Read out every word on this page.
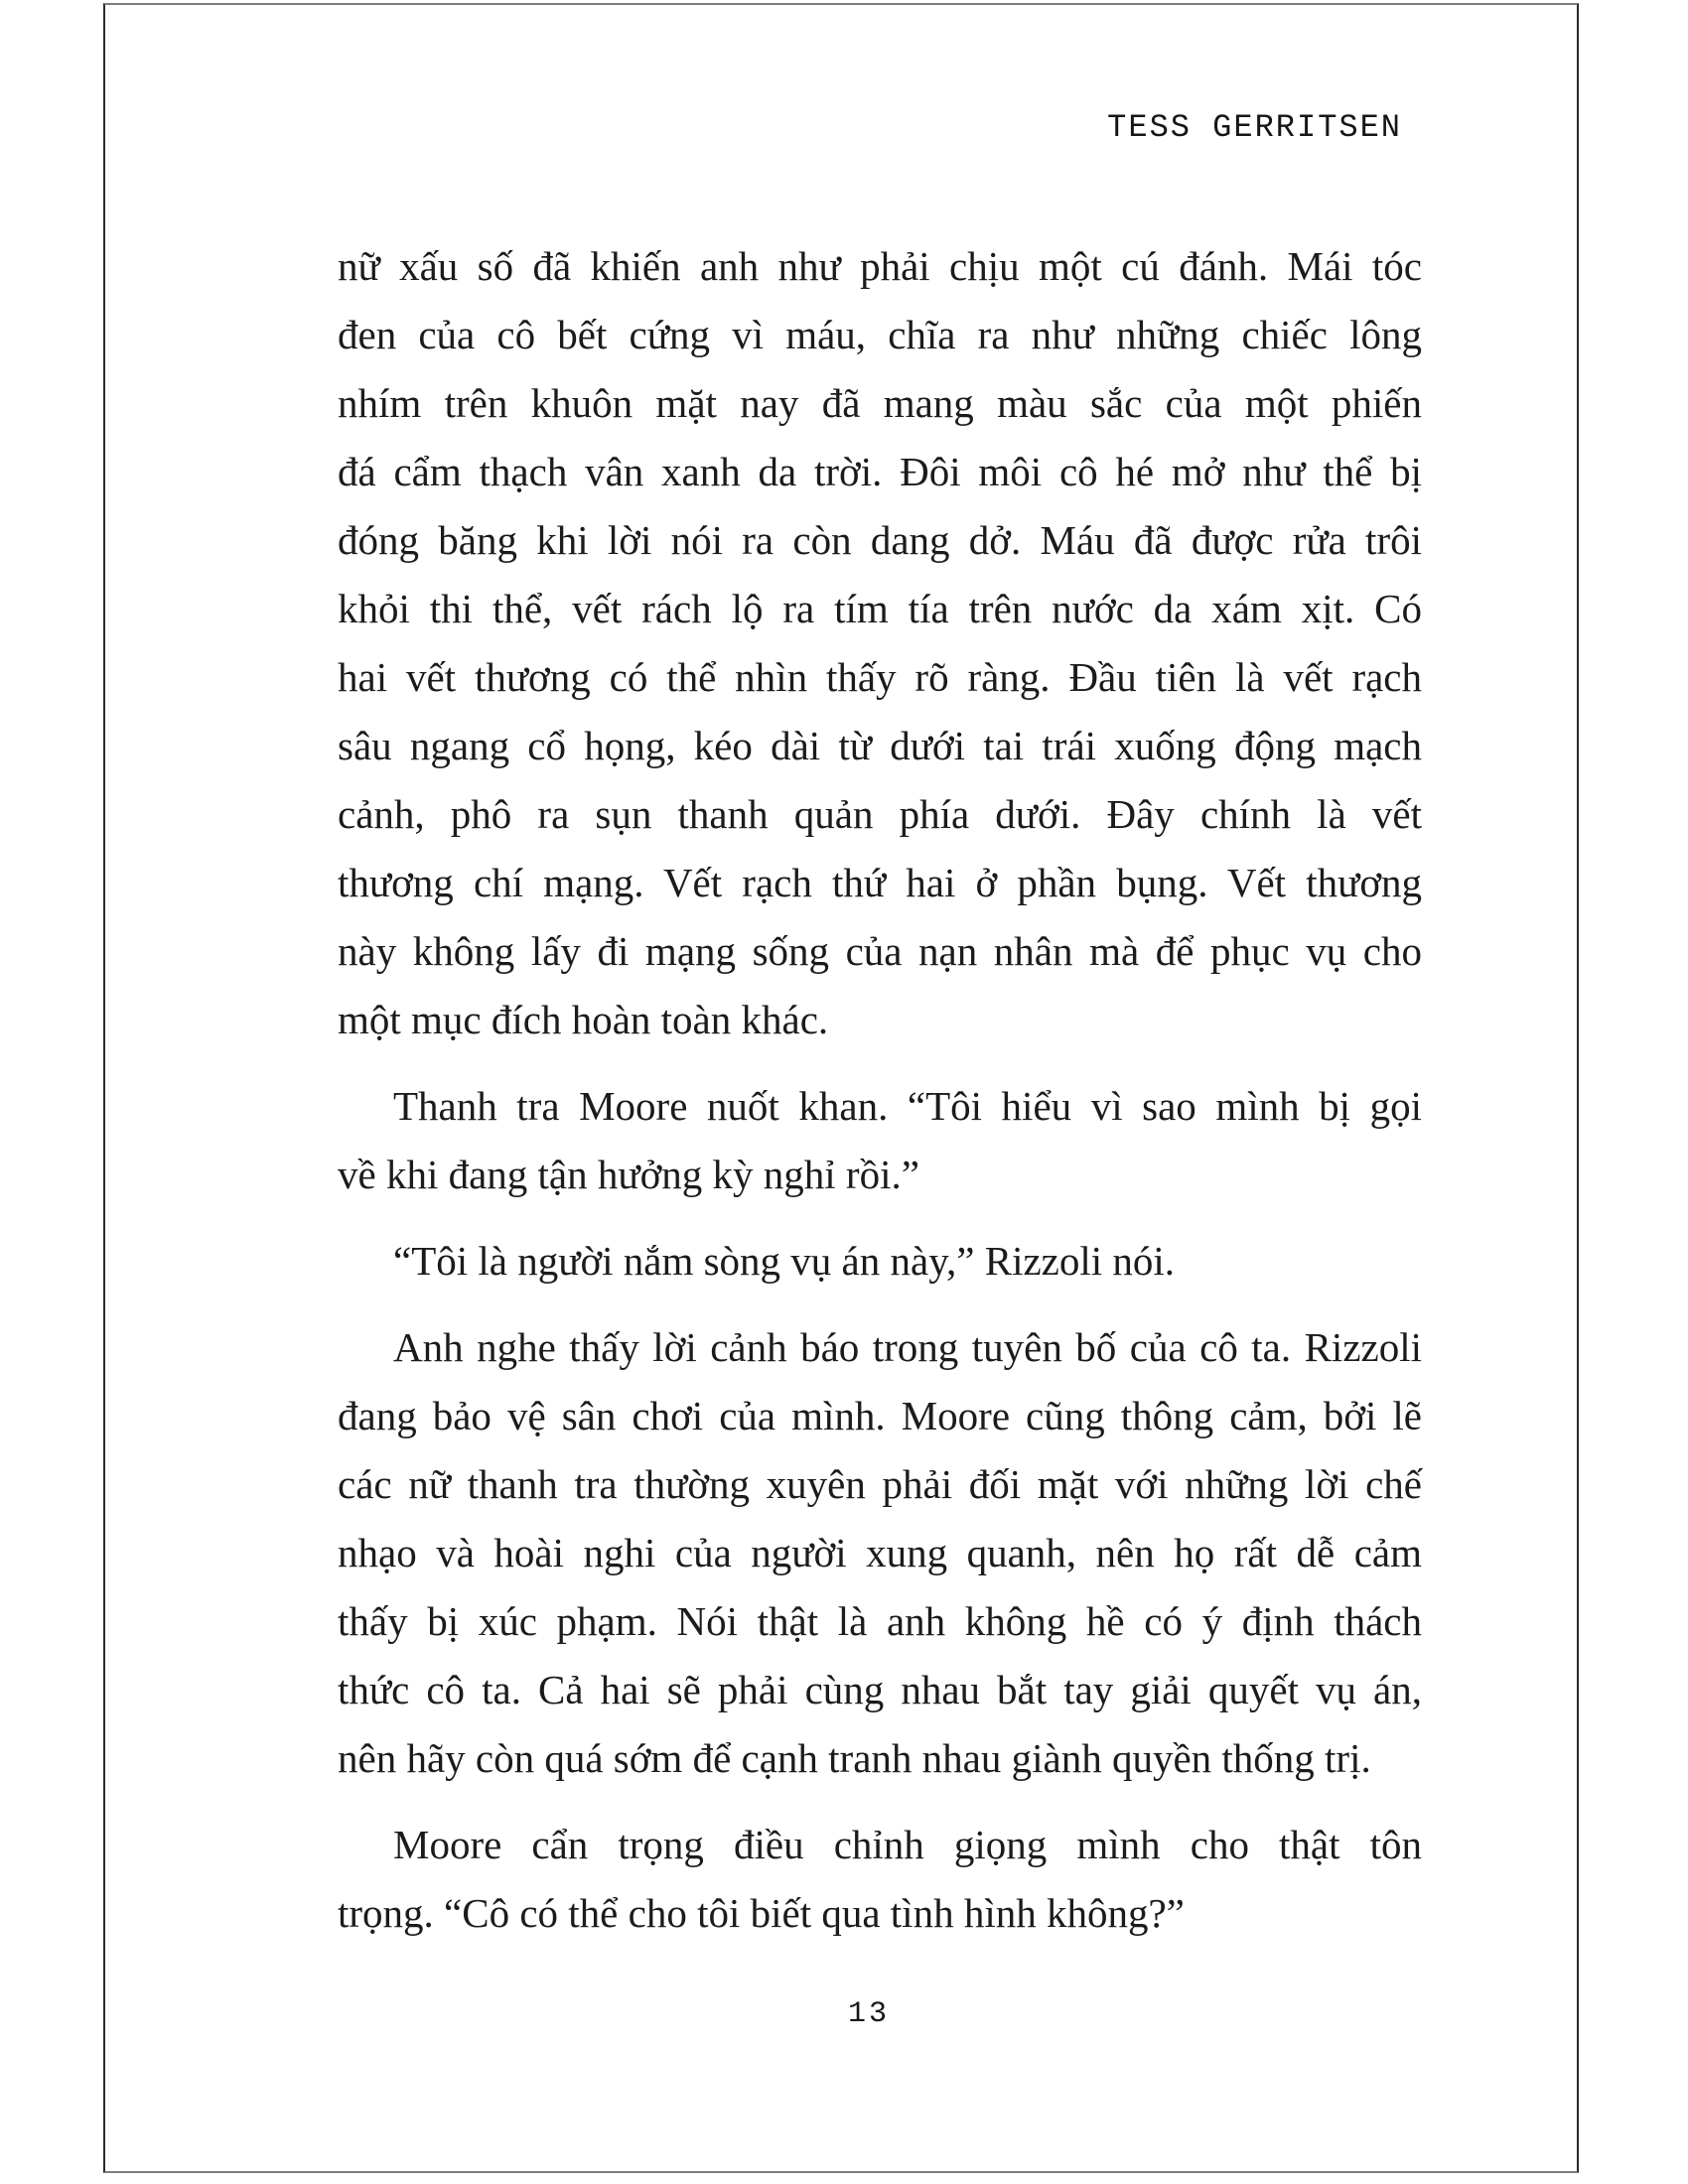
TESS GERRITSEN
nữ xấu số đã khiến anh như phải chịu một cú đánh. Mái tóc
đen của cô bết cứng vì máu, chĩa ra như những chiếc lông
nhím trên khuôn mặt nay đã mang màu sắc của một phiến
đá cẩm thạch vân xanh da trời. Đôi môi cô hé mở như thể bị
đóng băng khi lời nói ra còn dang dở. Máu đã được rửa trôi
khỏi thi thể, vết rách lộ ra tím tía trên nước da xám xịt. Có
hai vết thương có thể nhìn thấy rõ ràng. Đầu tiên là vết rạch
sâu ngang cổ họng, kéo dài từ dưới tai trái xuống động mạch
cảnh, phô ra sụn thanh quản phía dưới. Đây chính là vết
thương chí mạng. Vết rạch thứ hai ở phần bụng. Vết thương
này không lấy đi mạng sống của nạn nhân mà để phục vụ cho
một mục đích hoàn toàn khác.
Thanh tra Moore nuốt khan. “Tôi hiểu vì sao mình bị gọi
về khi đang tận hưởng kỳ nghỉ rồi.”
“Tôi là người nắm sòng vụ án này,” Rizzoli nói.
Anh nghe thấy lời cảnh báo trong tuyên bố của cô ta. Rizzoli
đang bảo vệ sân chơi của mình. Moore cũng thông cảm, bởi lẽ
các nữ thanh tra thường xuyên phải đối mặt với những lời chế
nhạo và hoài nghi của người xung quanh, nên họ rất dễ cảm
thấy bị xúc phạm. Nói thật là anh không hề có ý định thách
thức cô ta. Cả hai sẽ phải cùng nhau bắt tay giải quyết vụ án,
nên hãy còn quá sớm để cạnh tranh nhau giành quyền thống trị.
Moore cẩn trọng điều chỉnh giọng mình cho thật tôn
trọng. “Cô có thể cho tôi biết qua tình hình không?”
13
